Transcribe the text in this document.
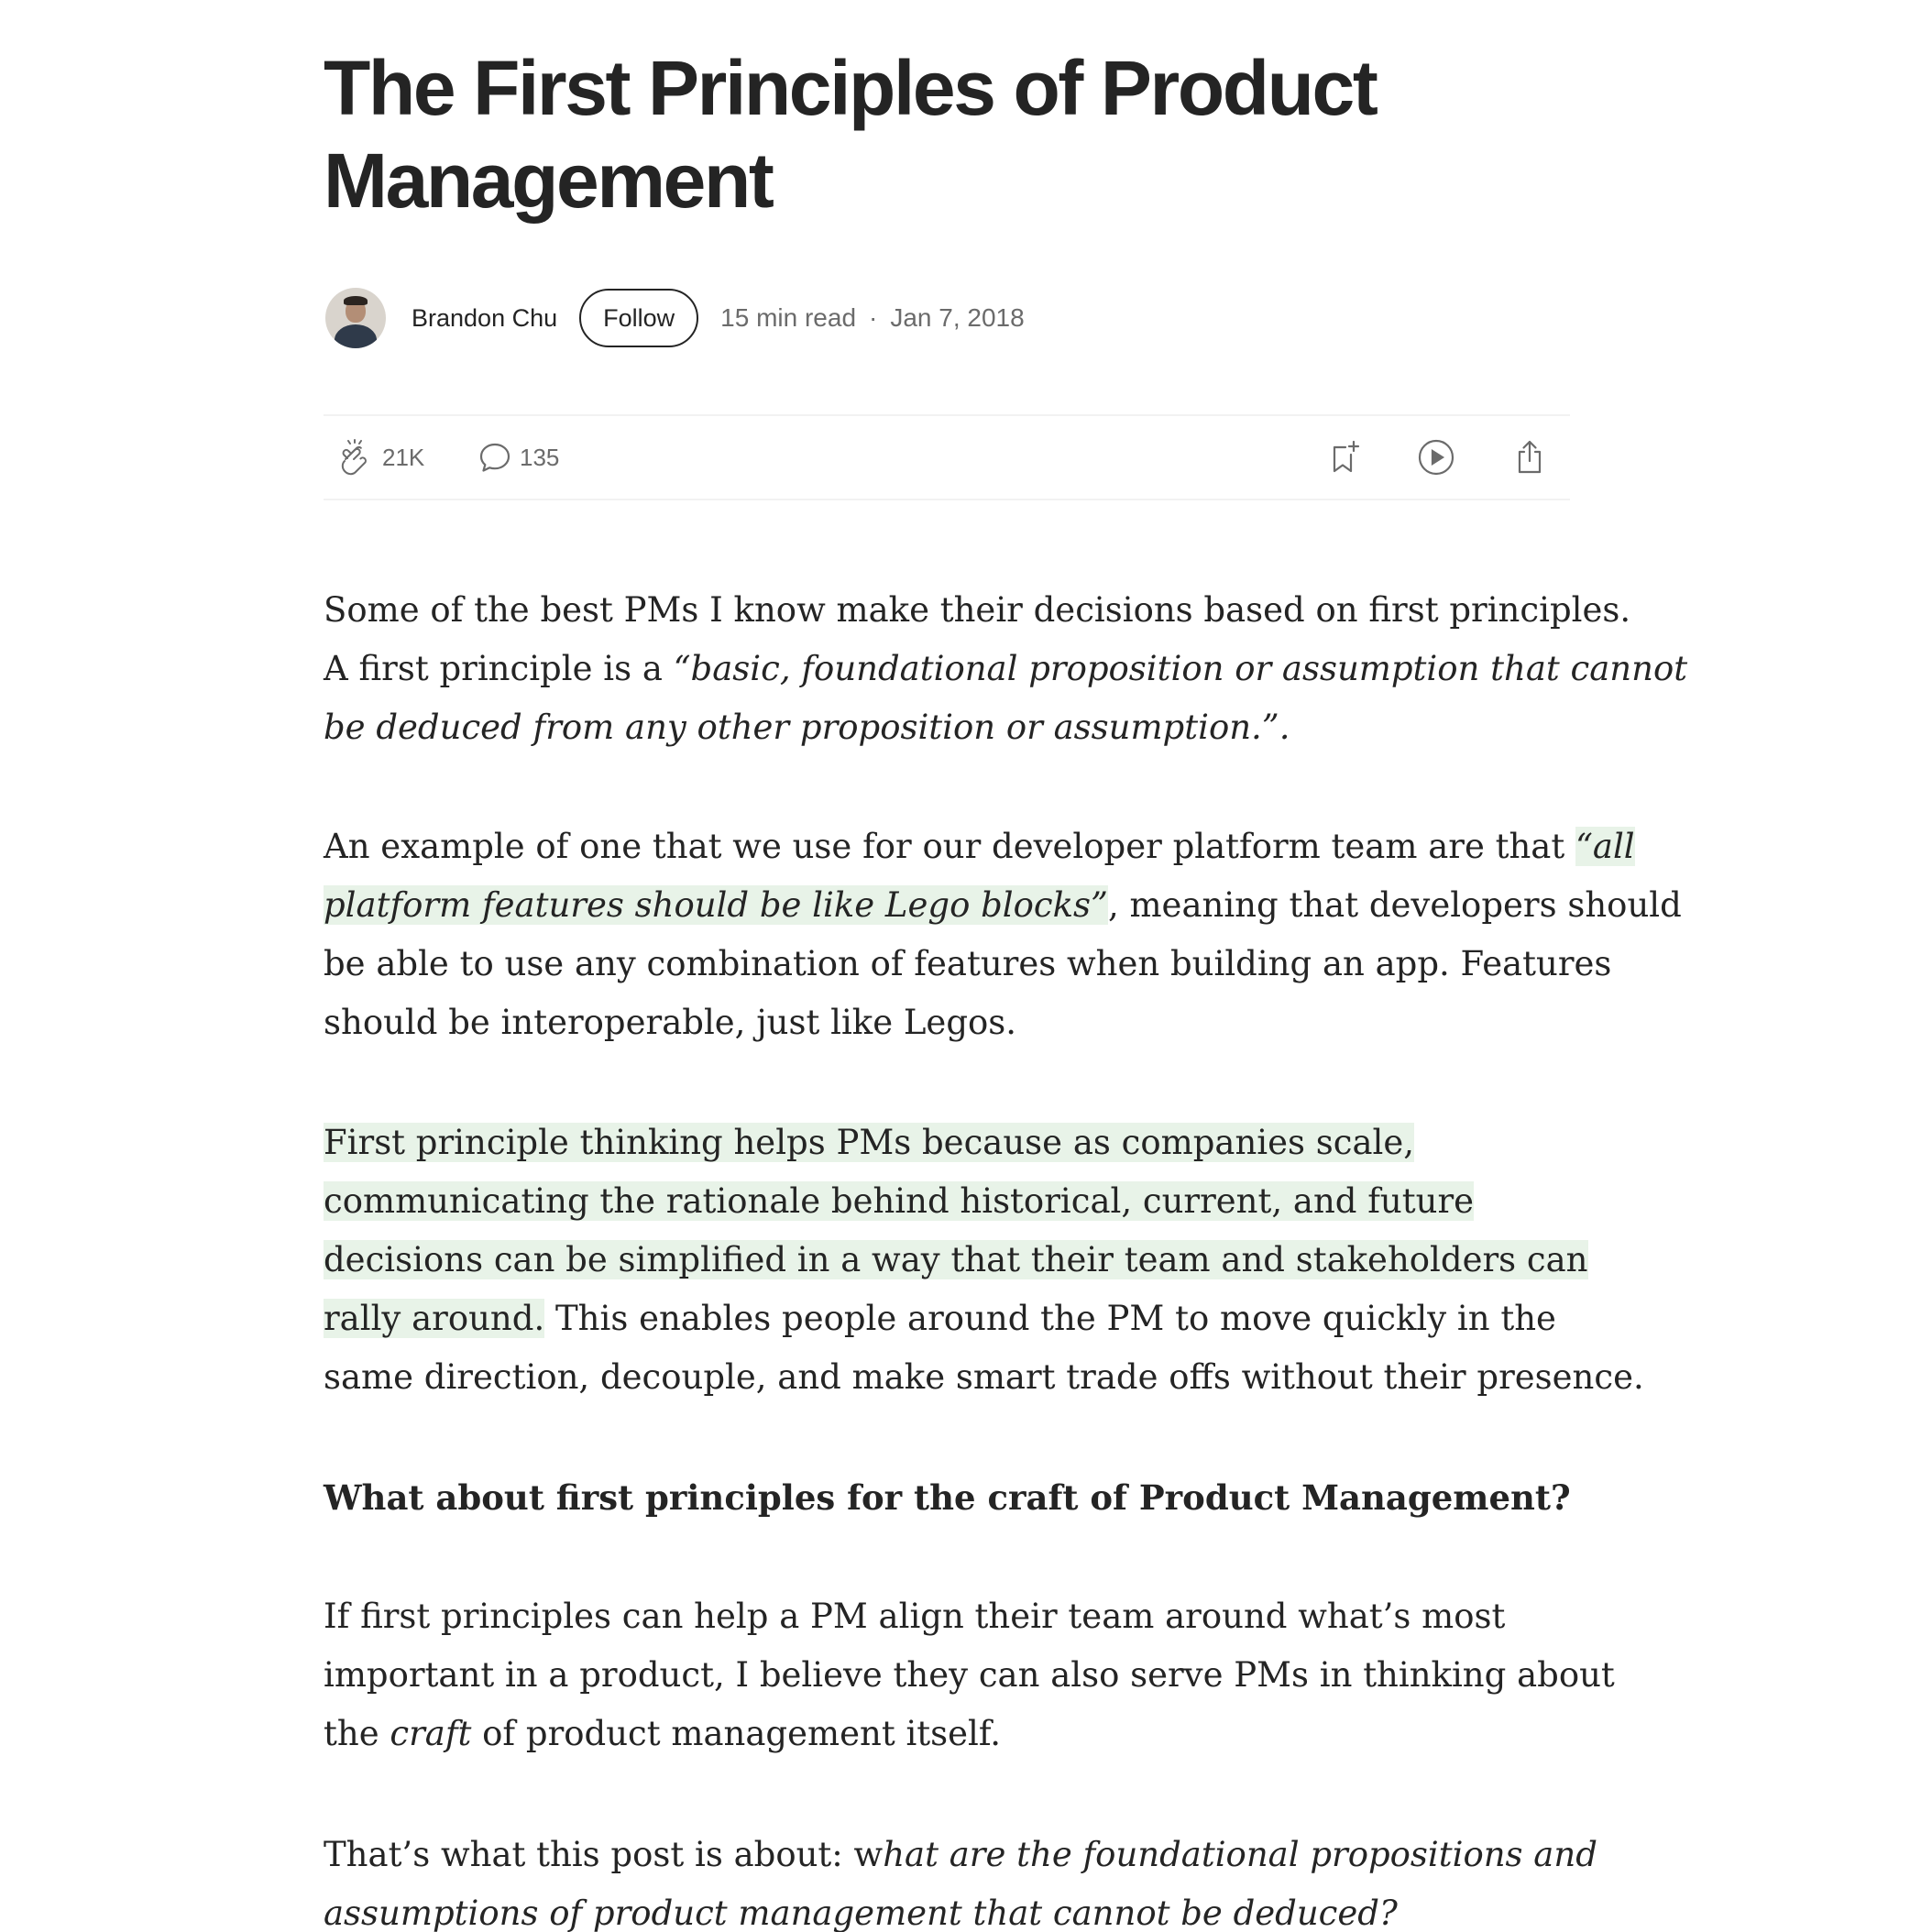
The First Principles of Product
Management
Brandon Chu	Follow	15 min read · Jan 7, 2018
21K	135

Some of the best PMs I know make their decisions based on first principles.
A first principle is a “basic, foundational proposition or assumption that cannot
be deduced from any other proposition or assumption.”.

An example of one that we use for our developer platform team are that “all
platform features should be like Lego blocks”, meaning that developers should
be able to use any combination of features when building an app. Features
should be interoperable, just like Legos.

First principle thinking helps PMs because as companies scale,
communicating the rationale behind historical, current, and future
decisions can be simplified in a way that their team and stakeholders can
rally around. This enables people around the PM to move quickly in the
same direction, decouple, and make smart trade offs without their presence.

What about first principles for the craft of Product Management?

If first principles can help a PM align their team around what’s most
important in a product, I believe they can also serve PMs in thinking about
the craft of product management itself.

That’s what this post is about: what are the foundational propositions and
assumptions of product management that cannot be deduced?
